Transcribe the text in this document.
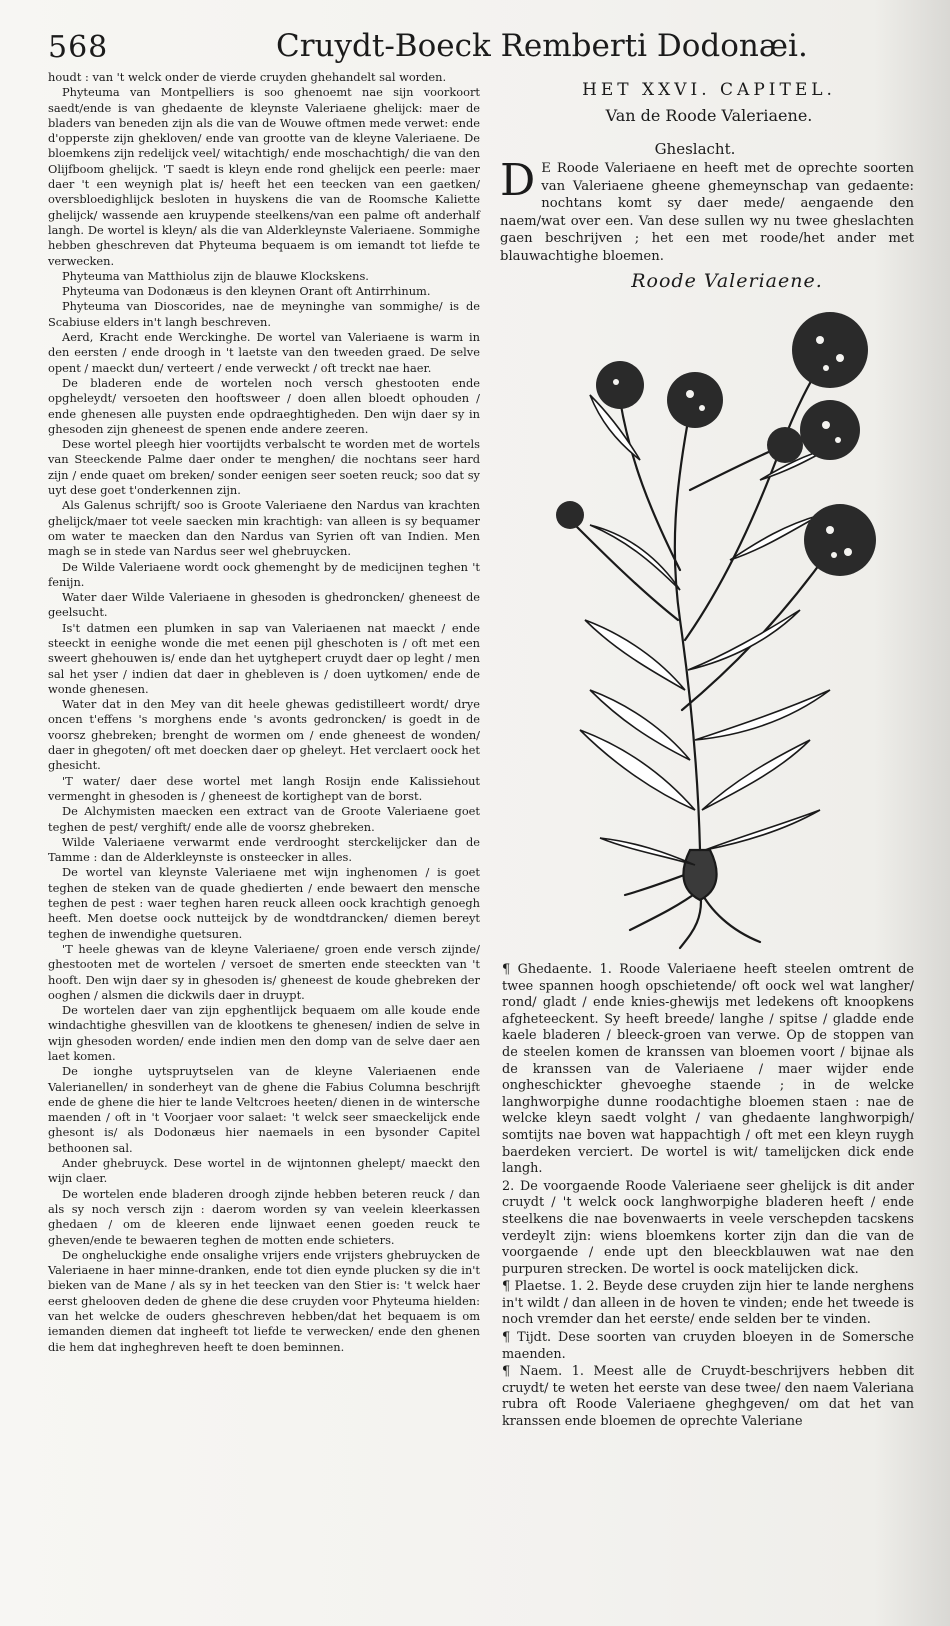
568	Cruydt-Boeck Remberti Dodonæi.

houdt : van 't welck onder de vierde cruyden ghehandelt sal worden.

Phyteuma van Montpelliers is soo ghenoemt nae sijn voorkoort saedt/ende is van ghedaente de kleynste Valeriaene ghelijck: maer de bladers van beneden zijn als die van de Wouwe oftmen mede verwet: ende d'opperste zijn ghekloven/ ende van grootte van de kleyne Valeriaene. De bloemkens zijn redelijck veel/ witachtigh/ ende moschachtigh/ die van den Olijfboom ghelijck. 'T saedt is kleyn ende rond ghelijck een peerle: maer daer 't een weynigh plat is/ heeft het een teecken van een gaetken/ oversbloedighlijck besloten in huyskens die van de Roomsche Kaliette ghelijck/ wassende aen kruypende steelkens/van een palme oft anderhalf langh. De wortel is kleyn/ als die van Alderkleynste Valeriaene. Sommighe hebben gheschreven dat Phyteuma bequaem is om iemandt tot liefde te verwecken.

Phyteuma van Matthiolus zijn de blauwe Klockskens.

Phyteuma van Dodonæus is den kleynen Orant oft Antirrhinum.

Phyteuma van Dioscorides, nae de meyninghe van sommighe/ is de Scabiuse elders in't langh beschreven.

Aerd, Kracht ende Werckinghe. De wortel van Valeriaene is warm in den eersten / ende droogh in 't laetste van den tweeden graed. De selve opent / maeckt dun/ verteert / ende verweckt / oft treckt nae haer.

De bladeren ende de wortelen noch versch ghestooten ende opgheleydt/ versoeten den hooftsweer / doen allen bloedt ophouden / ende ghenesen alle puysten ende opdraeghtigheden. Den wijn daer sy in ghesoden zijn gheneest de spenen ende andere zeeren.

Dese wortel pleegh hier voortijdts verbalscht te worden met de wortels van Steeckende Palme daer onder te menghen/ die nochtans seer hard zijn / ende quaet om breken/ sonder eenigen seer soeten reuck; soo dat sy uyt dese goet t'onderkennen zijn.

Als Galenus schrijft/ soo is Groote Valeriaene den Nardus van krachten ghelijck/maer tot veele saecken min krachtigh: van alleen is sy bequamer om water te maecken dan den Nardus van Syrien oft van Indien. Men magh se in stede van Nardus seer wel ghebruycken.

De Wilde Valeriaene wordt oock ghemenght by de medicijnen teghen 't fenijn.

Water daer Wilde Valeriaene in ghesoden is ghedroncken/ gheneest de geelsucht.

Is't datmen een plumken in sap van Valeriaenen nat maeckt / ende steeckt in eenighe wonde die met eenen pijl gheschoten is / oft met een sweert ghehouwen is/ ende dan het uytghepert cruydt daer op leght / men sal het yser / indien dat daer in ghebleven is / doen uytkomen/ ende de wonde ghenesen.

Water dat in den Mey van dit heele ghewas gedistilleert wordt/ drye oncen t'effens 's morghens ende 's avonts gedroncken/ is goedt in de voorsz ghebreken; brenght de wormen om / ende gheneest de wonden/ daer in ghegoten/ oft met doecken daer op gheleyt. Het verclaert oock het ghesicht.

'T water/ daer dese wortel met langh Rosijn ende Kalissiehout vermenght in ghesoden is / gheneest de kortighept van de borst.

De Alchymisten maecken een extract van de Groote Valeriaene goet teghen de pest/ verghift/ ende alle de voorsz ghebreken.

Wilde Valeriaene verwarmt ende verdrooght sterckelijcker dan de Tamme : dan de Alderkleynste is onsteecker in alles.

De wortel van kleynste Valeriaene met wijn inghenomen / is goet teghen de steken van de quade ghedierten / ende bewaert den mensche teghen de pest : waer teghen haren reuck alleen oock krachtigh genoegh heeft. Men doetse oock nutteijck by de wondtdrancken/ diemen bereyt teghen de inwendighe quetsuren.

'T heele ghewas van de kleyne Valeriaene/ groen ende versch zijnde/ ghestooten met de wortelen / versoet de smerten ende steeckten van 't hooft. Den wijn daer sy in ghesoden is/ gheneest de koude ghebreken der ooghen / alsmen die dickwils daer in druypt.

De wortelen daer van zijn epghentlijck bequaem om alle koude ende windachtighe ghesvillen van de klootkens te ghenesen/ indien de selve in wijn ghesoden worden/ ende indien men den domp van de selve daer aen laet komen.

De ionghe uytspruytselen van de kleyne Valeriaenen ende Valerianellen/ in sonderheyt van de ghene die Fabius Columna beschrijft ende de ghene die hier te lande Veltcroes heeten/ dienen in de wintersche maenden / oft in 't Voorjaer voor salaet: 't welck seer smaeckelijck ende ghesont is/ als Dodonæus hier naemaels in een bysonder Capitel bethoonen sal.

Ander ghebruyck. Dese wortel in de wijntonnen ghelept/ maeckt den wijn claer.

De wortelen ende bladeren droogh zijnde hebben beteren reuck / dan als sy noch versch zijn : daerom worden sy van veelein kleerkassen ghedaen / om de kleeren ende lijnwaet eenen goeden reuck te gheven/ende te bewaeren teghen de motten ende schieters.

De ongheluckighe ende onsalighe vrijers ende vrijsters ghebruycken de Valeriaene in haer minne-dranken, ende tot dien eynde plucken sy die in't bieken van de Mane / als sy in het teecken van den Stier is: 't welck haer eerst ghelooven deden de ghene die dese cruyden voor Phyteuma hielden: van het welcke de ouders gheschreven hebben/dat het bequaem is om iemanden diemen dat ingheeft tot liefde te verwecken/ ende den ghenen die hem dat ingheghreven heeft te doen beminnen.

HET XXVI. CAPITEL.
Van de Roode Valeriaene.
Gheslacht.
D E Roode Valeriaene en heeft met de oprechte soorten van Valeriaene gheene ghemeynschap van gedaente: nochtans komt sy daer mede/ aengaende den naem/wat over een. Van dese sullen wy nu twee gheslachten gaen beschrijven ; het een met roode/het ander met blauwachtighe bloemen.
Roode Valeriaene.

¶ Ghedaente. 1. Roode Valeriaene heeft steelen omtrent de twee spannen hoogh opschietende/ oft oock wel wat langher/ rond/ gladt / ende knies-ghewijs met ledekens oft knoopkens afgheteeckent. Sy heeft breede/ langhe / spitse / gladde ende kaele bladeren / bleeck-groen van verwe. Op de stoppen van de steelen komen de kranssen van bloemen voort / bijnae als de kranssen van de Valeriaene / maer wijder ende ongheschickter ghevoeghe staende ; in de welcke langhworpighe dunne roodachtighe bloemen staen : nae de welcke kleyn saedt volght / van ghedaente langhworpigh/ somtijts nae boven wat happachtigh / oft met een kleyn ruygh baerdeken verciert. De wortel is wit/ tamelijcken dick ende langh.

2. De voorgaende Roode Valeriaene seer ghelijck is dit ander cruydt / 't welck oock langhworpighe bladeren heeft / ende steelkens die nae bovenwaerts in veele verschepden tacskens verdeylt zijn: wiens bloemkens korter zijn dan die van de voorgaende / ende upt den bleeckblauwen wat nae den purpuren strecken. De wortel is oock matelijcken dick.

¶ Plaetse. 1. 2. Beyde dese cruyden zijn hier te lande nerghens in't wildt / dan alleen in de hoven te vinden; ende het tweede is noch vremder dan het eerste/ ende selden ber te vinden.

¶ Tijdt. Dese soorten van cruyden bloeyen in de Somersche maenden.

¶ Naem. 1. Meest alle de Cruydt-beschrijvers hebben dit cruydt/ te weten het eerste van dese twee/ den naem Valeriana rubra oft Roode Valeriaene gheghgeven/ om dat het van kranssen ende bloemen de oprechte Valeriane
